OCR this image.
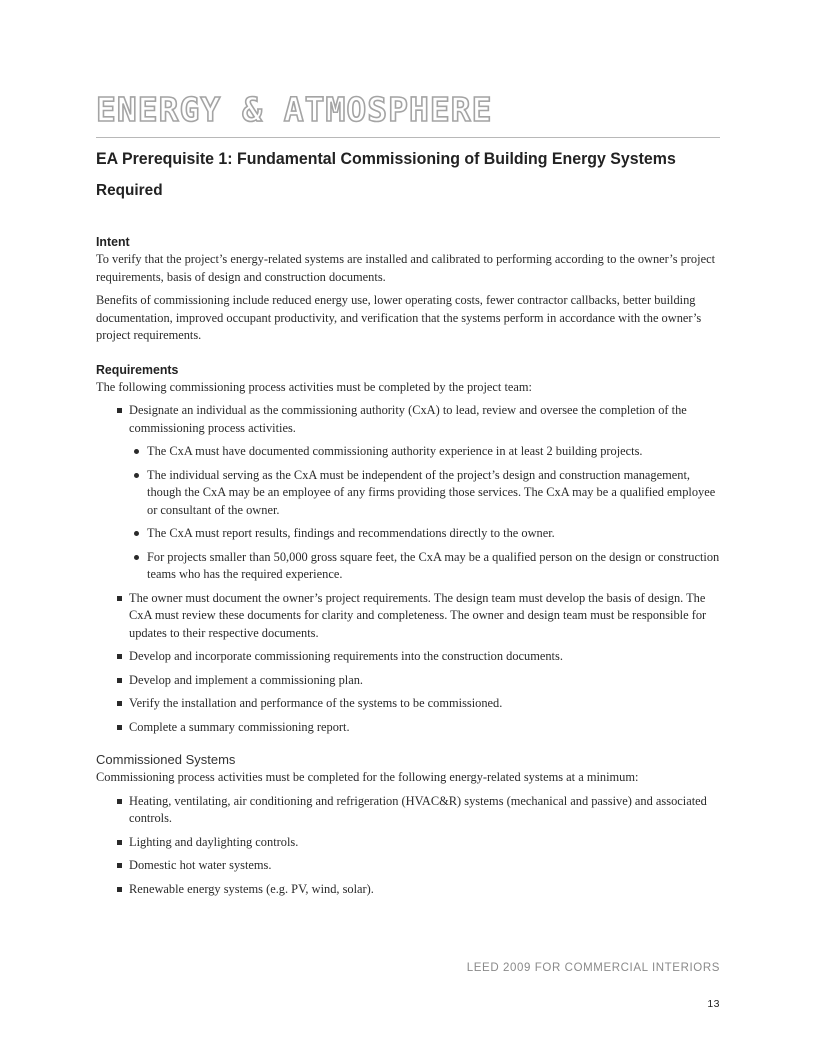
ENERGY & ATMOSPHERE
EA Prerequisite 1: Fundamental Commissioning of Building Energy Systems
Required
Intent

To verify that the project’s energy-related systems are installed and calibrated to performing according to the owner’s project requirements, basis of design and construction documents.

Benefits of commissioning include reduced energy use, lower operating costs, fewer contractor callbacks, better building documentation, improved occupant productivity, and verification that the systems perform in accordance with the owner’s project requirements.

Requirements

The following commissioning process activities must be completed by the project team:

Designate an individual as the commissioning authority (CxA) to lead, review and oversee the completion of the commissioning process activities.
The CxA must have documented commissioning authority experience in at least 2 building projects.
The individual serving as the CxA must be independent of the project’s design and construction management, though the CxA may be an employee of any firms providing those services. The CxA may be a qualified employee or consultant of the owner.
The CxA must report results, findings and recommendations directly to the owner.
For projects smaller than 50,000 gross square feet, the CxA may be a qualified person on the design or construction teams who has the required experience.
The owner must document the owner’s project requirements. The design team must develop the basis of design. The CxA must review these documents for clarity and completeness. The owner and design team must be responsible for updates to their respective documents.
Develop and incorporate commissioning requirements into the construction documents.
Develop and implement a commissioning plan.
Verify the installation and performance of the systems to be commissioned.
Complete a summary commissioning report.
Commissioned Systems

Commissioning process activities must be completed for the following energy-related systems at a minimum:

Heating, ventilating, air conditioning and refrigeration (HVAC&R) systems (mechanical and passive) and associated controls.
Lighting and daylighting controls.
Domestic hot water systems.
Renewable energy systems (e.g. PV, wind, solar).
LEED 2009 FOR COMMERCIAL INTERIORS
13
